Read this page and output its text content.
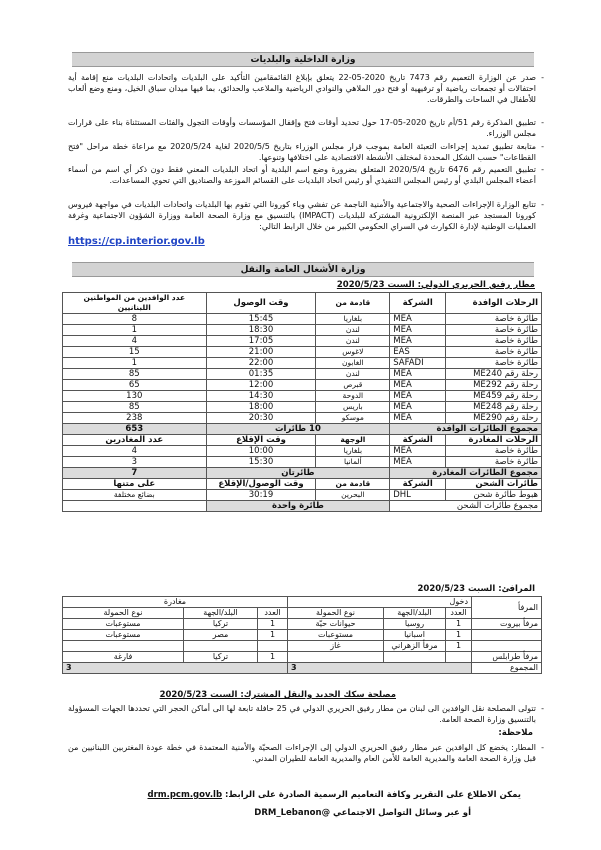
وزارة الداخلية والبلديات
-
صدر عن الوزارة التعميم رقم 7473 تاريخ 2020-05-22 يتعلق بإبلاغ القائمقامين التأكيد على البلديات واتحادات البلديات منع إقامة أية احتفالات أو تجمعات رياضية أو ترفيهية أو فتح دور الملاهي والنوادي الرياضية والملاعب والحدائق، بما فيها ميدان سباق الخيل، ومنع وضع ألعاب للأطفال في الساحات والطرقات.
-
تطبيق المذكرة رقم 51/أم تاريخ 2020-05-17 حول تحديد أوقات فتح وإقفال المؤسسات وأوقات التجول والفئات المستثناة بناء على قرارات مجلس الوزراء.
-
متابعة تطبيق تمديد إجراءات التعبئة العامة بموجب قرار مجلس الوزراء بتاريخ 2020/5/5 لغاية 2020/5/24 مع مراعاة خطة مراحل "فتح القطاعات" حسب الشكل المحددة لمختلف الأنشطة الاقتصادية على اختلافها وتنوعها.
-
تطبيق التعميم رقم 6476 تاريخ 2020/5/4 المتعلق بضرورة وضع اسم البلدية أو اتحاد البلديات المعني فقط دون ذكر أي اسم من أسماء أعضاء المجلس البلدي أو رئيس المجلس التنفيذي أو رئيس اتحاد البلديات على القسائم الموزعة والصناديق التي تحوي المساعدات.
-
تتابع الوزارة الإجراءات الصحية والاجتماعية والأمنية الناجمة عن تفشي وباء كورونا التي تقوم بها البلديات واتحادات البلديات في مواجهة فيروس كورونا المستجد عبر المنصة الإلكترونية المشتركة للبلديات (IMPACT) بالتنسيق مع وزارة الصحة العامة ووزارة الشؤون الاجتماعية وغرفة العمليات الوطنية لإدارة الكوارث في السراي الحكومي الكبير من خلال الرابط التالي:
https://cp.interior.gov.lb
وزارة الأشغال العامة والنقل
مطار رفيق الحريري الدولي: السبت 2020/5/23
الرحلات الوافدة	الشركة	قادمة من	وقت الوصول	عدد الوافدين من المواطنين اللبنانيين
طائرة خاصة	MEA	بلغاريا	15:45	8
طائرة خاصة	MEA	لندن	18:30	1
طائرة خاصة	MEA	لندن	17:05	4
طائرة خاصة	EAS	لاغوس	21:00	15
طائرة خاصة	SAFADI	الغابون	22:00	1
رحلة رقم ME240	MEA	لندن	01:35	85
رحلة رقم ME292	MEA	قبرص	12:00	65
رحلة رقم ME459	MEA	الدوحة	14:30	130
رحلة رقم ME248	MEA	باريس	18:00	85
رحلة رقم ME290	MEA	موسكو	20:30	238
مجموع الطائرات الوافدة		10 طائرات		653
الرحلات المغادرة	الشركة	الوجهة	وقت الإقلاع	عدد المغادرين
طائرة خاصة	MEA	بلغاريا	10:00	4
طائرة خاصة	MEA	ألمانيا	15:30	3
مجموع الطائرات المغادرة		طائرتان		7
طائرات الشحن	الشركة	قادمة من	وقت الوصول/الإقلاع	على متنها
هبوط طائرة شحن	DHL	البحرين	30:19	بضائع مختلفة
مجموع طائرات الشحن		طائرة واحدة		
المرافئ: السبت 2020/5/23
المرفأ	دخول			مغادرة		
	العدد	البلد/الجهة	نوع الحمولة	العدد	البلد/الجهة	نوع الحمولة
مرفأ بيروت	1	روسيا	حيوانات حيّة	1	تركيا	مستوعبات
	1	اسبانيا	مستوعبات	1	مصر	مستوعبات
	1	مرفأ الزهراني	غاز			
مرفأ طرابلس				1	تركيا	فارغة
المجموع	3			3		
مصلحة سكك الحديد والنقل المشترك: السبت 2020/5/23
-
تتولى المصلحة نقل الوافدين الى لبنان من مطار رفيق الحريري الدولي في 25 حافلة تابعة لها الى أماكن الحجر التي تحددها الجهات المسؤولة بالتنسيق وزارة الصحة العامة.
ملاحظة:
-
المطار: يخضع كل الوافدين عبر مطار رفيق الحريري الدولي إلى الإجراءات الصحيّة والأمنية المعتمدة في خطة عودة المغتربين اللبنانيين من قبل وزارة الصحة العامة والمديرية العامة للأمن العام والمديرية العامة للطيران المدني.
يمكن الاطلاع على التقرير وكافة التعاميم الرسمية الصادرة على الرابط: drm.pcm.gov.lb
أو عبر وسائل التواصل الاجتماعي @DRM_Lebanon
